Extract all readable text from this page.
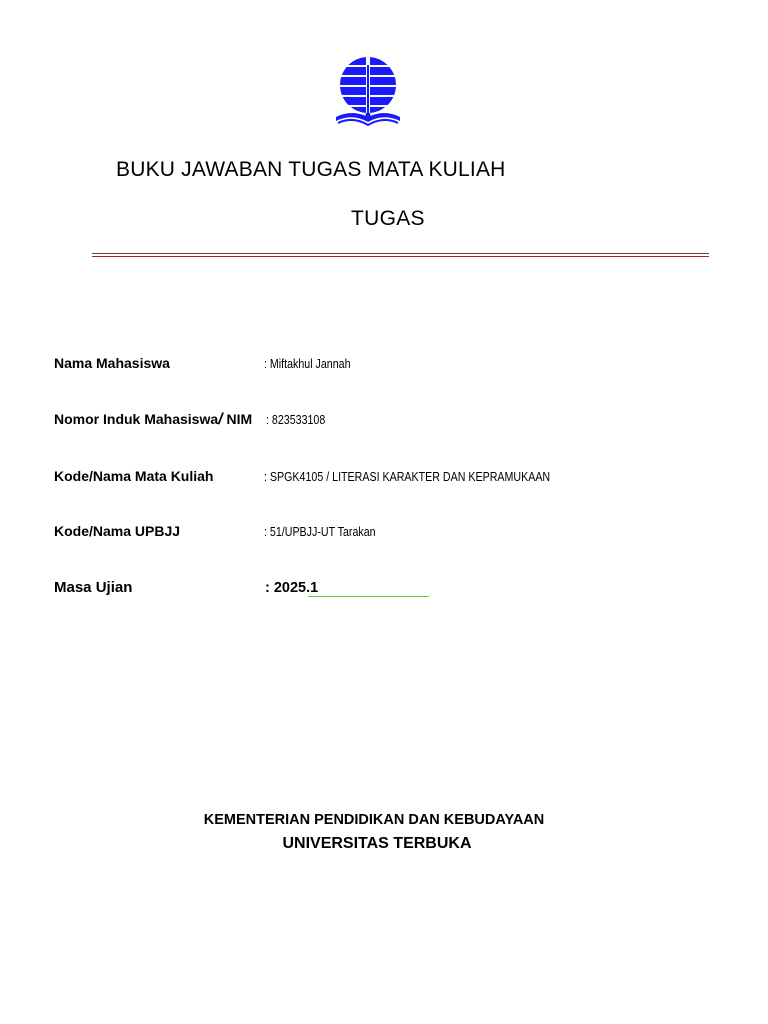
BUKU JAWABAN TUGAS MATA KULIAH
TUGAS
Nama Mahasiswa	: Miftakhul Jannah
Nomor Induk Mahasiswa/ NIM : 823533108
Kode/Nama Mata Kuliah	: SPGK4105 / LITERASI KARAKTER DAN KEPRAMUKAAN
Kode/Nama UPBJJ	: 51/UPBJJ-UT Tarakan
Masa Ujian	: 2025.1
KEMENTERIAN PENDIDIKAN DAN KEBUDAYAAN
UNIVERSITAS TERBUKA
